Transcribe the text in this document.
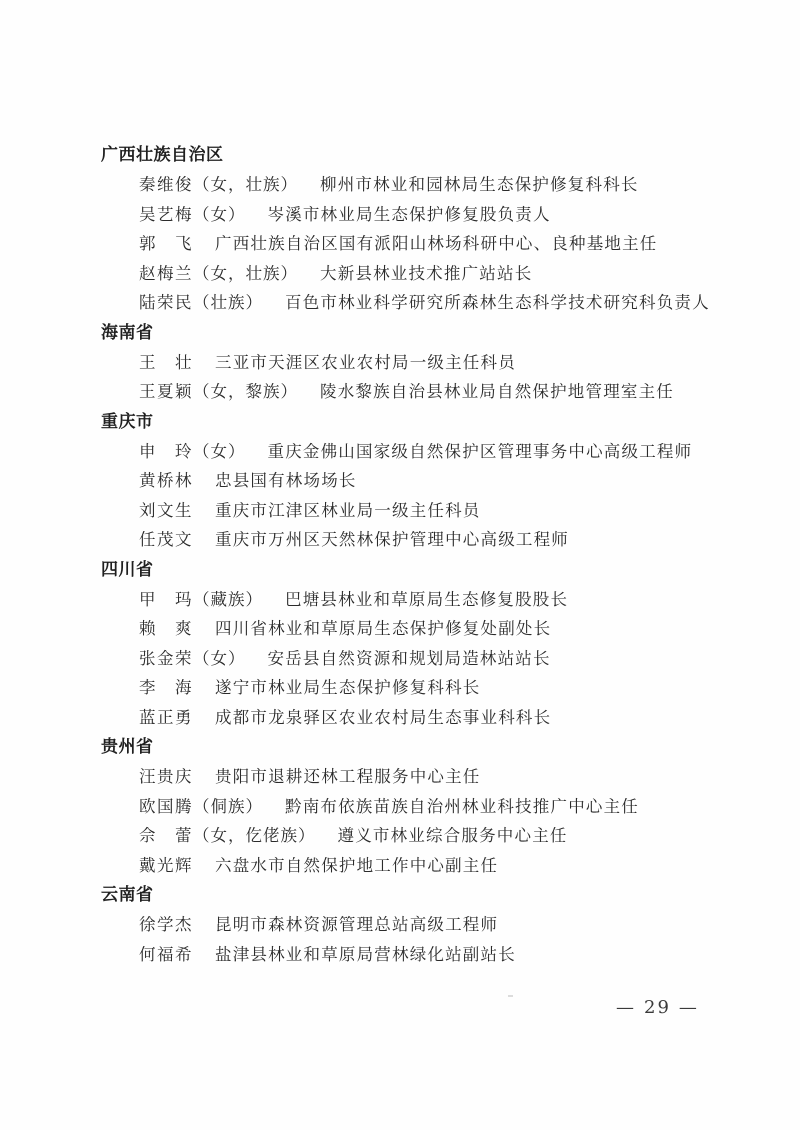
广西壮族自治区
秦维俊（女，壮族） 柳州市林业和园林局生态保护修复科科长
吴艺梅（女） 岑溪市林业局生态保护修复股负责人
郭　飞 广西壮族自治区国有派阳山林场科研中心、良种基地主任
赵梅兰（女，壮族） 大新县林业技术推广站站长
陆荣民（壮族） 百色市林业科学研究所森林生态科学技术研究科负责人
海南省
王　壮 三亚市天涯区农业农村局一级主任科员
王夏颖（女，黎族） 陵水黎族自治县林业局自然保护地管理室主任
重庆市
申　玲（女） 重庆金佛山国家级自然保护区管理事务中心高级工程师
黄桥林 忠县国有林场场长
刘文生 重庆市江津区林业局一级主任科员
任茂文 重庆市万州区天然林保护管理中心高级工程师
四川省
甲　玛（藏族） 巴塘县林业和草原局生态修复股股长
赖　爽 四川省林业和草原局生态保护修复处副处长
张金荣（女） 安岳县自然资源和规划局造林站站长
李　海 遂宁市林业局生态保护修复科科长
蓝正勇 成都市龙泉驿区农业农村局生态事业科科长
贵州省
汪贵庆 贵阳市退耕还林工程服务中心主任
欧国腾（侗族） 黔南布依族苗族自治州林业科技推广中心主任
佘　蕾（女，仡佬族） 遵义市林业综合服务中心主任
戴光辉 六盘水市自然保护地工作中心副主任
云南省
徐学杰 昆明市森林资源管理总站高级工程师
何福希 盐津县林业和草原局营林绿化站副站长
— 29 —
